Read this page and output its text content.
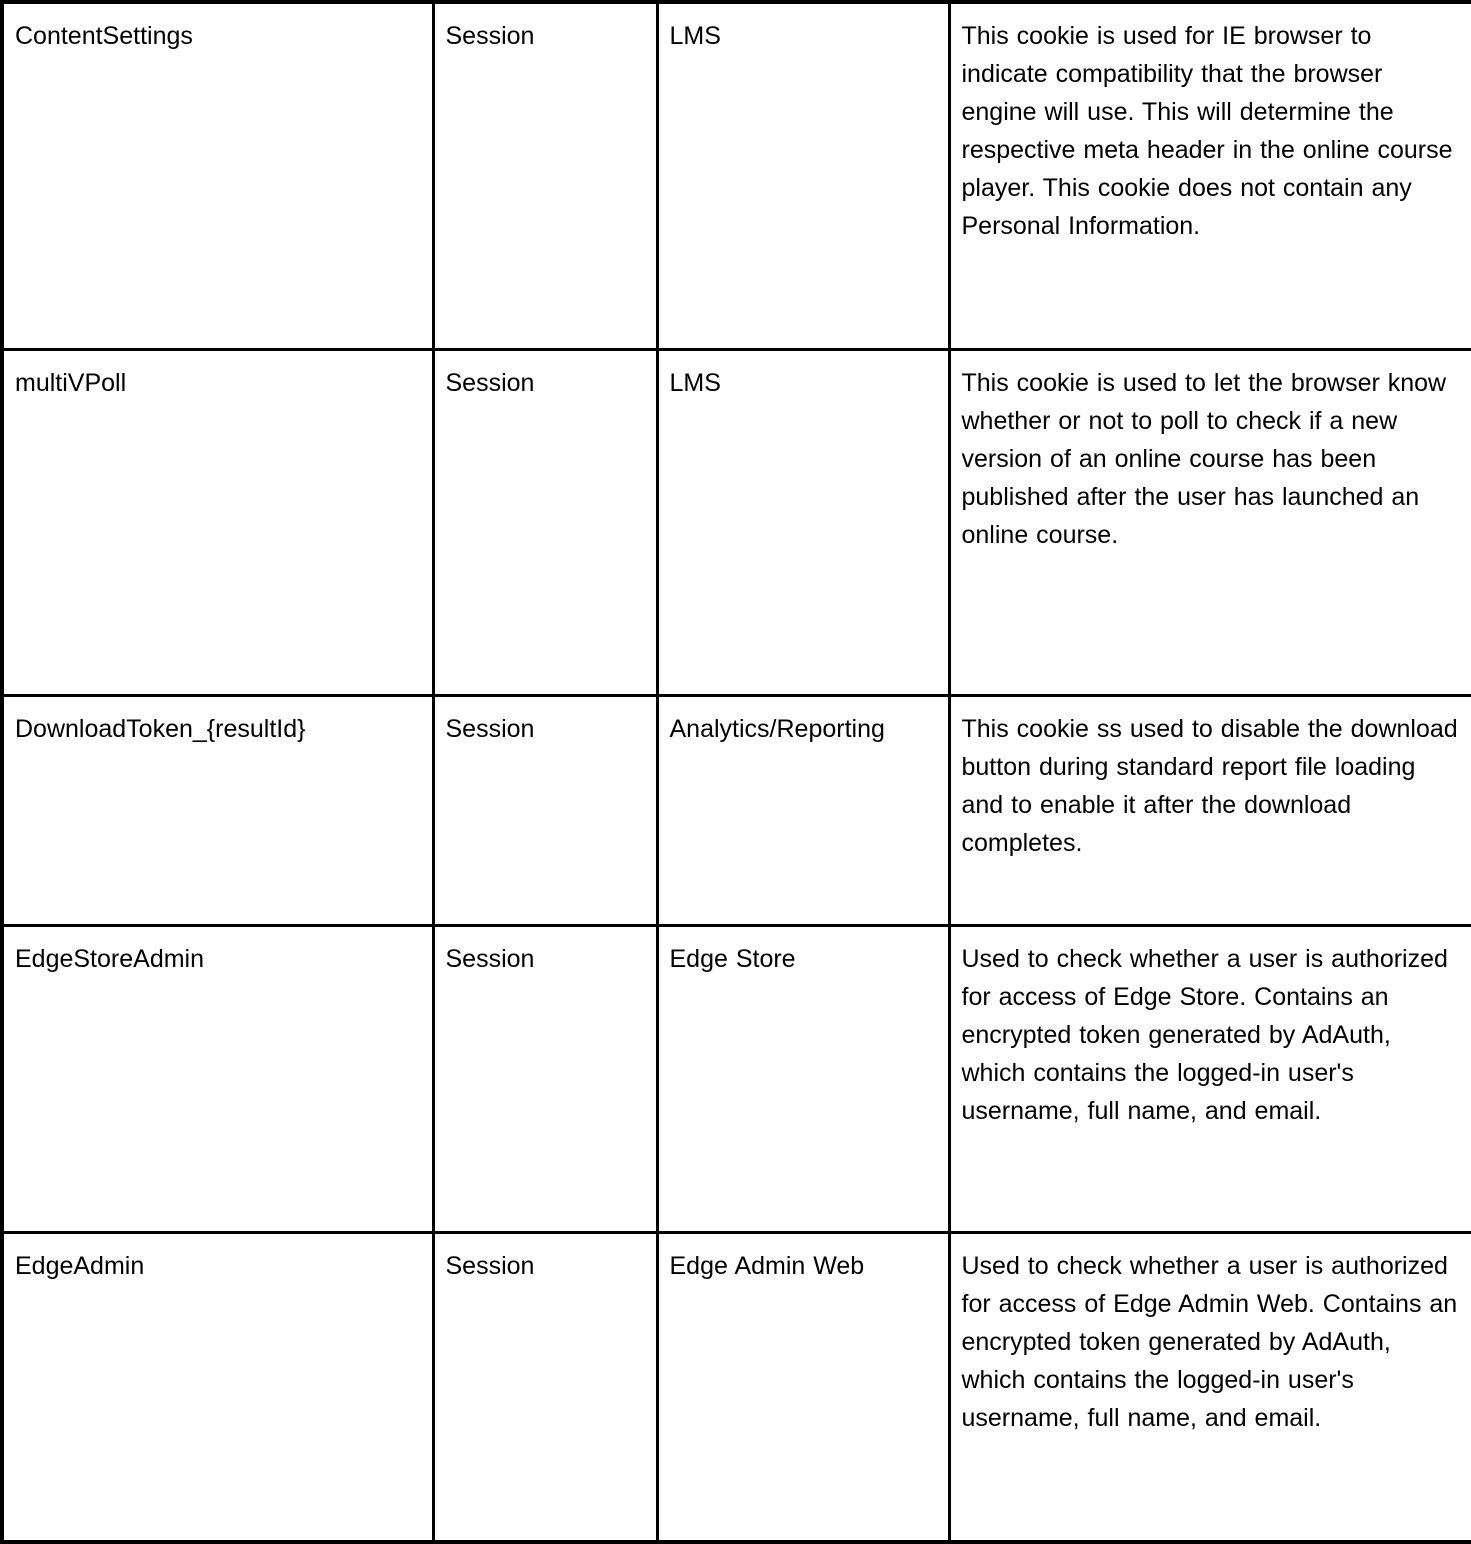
ContentSettings	Session	LMS	This cookie is used for IE browser to indicate compatibility that the browser engine will use. This will determine the respective meta header in the online course player. This cookie does not contain any Personal Information.
multiVPoll	Session	LMS	This cookie is used to let the browser know whether or not to poll to check if a new version of an online course has been published after the user has launched an online course.
DownloadToken_{resultId}	Session	Analytics/Reporting	This cookie ss used to disable the download button during standard report file loading and to enable it after the download completes.
EdgeStoreAdmin	Session	Edge Store	Used to check whether a user is authorized for access of Edge Store. Contains an encrypted token generated by AdAuth, which contains the logged-in user's username, full name, and email.
EdgeAdmin	Session	Edge Admin Web	Used to check whether a user is authorized for access of Edge Admin Web. Contains an encrypted token generated by AdAuth, which contains the logged-in user's username, full name, and email.
